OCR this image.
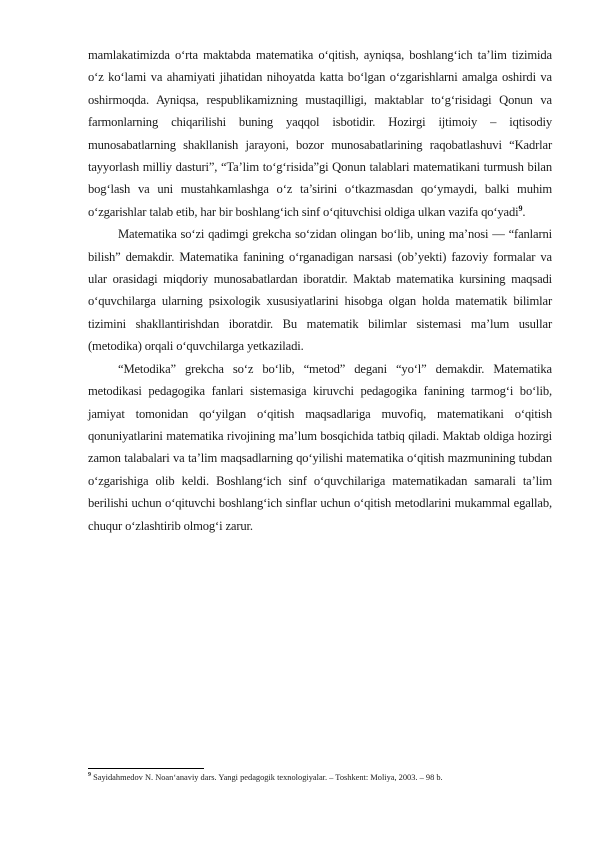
mamlakatimizda o‘rta maktabda matematika o‘qitish, ayniqsa, boshlang‘ich ta’lim tizimida o‘z ko‘lami va ahamiyati jihatidan nihoyatda katta bo‘lgan o‘zgarishlarni amalga oshirdi va oshirmoqda. Ayniqsa, respublikamizning mustaqilligi, maktablar to‘g‘risidagi Qonun va farmonlarning chiqarilishi buning yaqqol isbotidir. Hozirgi ijtimoiy – iqtisodiy munosabatlarning shakllanish jarayoni, bozor munosabatlarining raqobatlashuvi “Kadrlar tayyorlash milliy dasturi”, “Ta’lim to‘g‘risida”gi Qonun talablari matematikani turmush bilan bog‘lash va uni mustahkamlashga o‘z ta’sirini o‘tkazmasdan qo‘ymaydi, balki muhim o‘zgarishlar talab etib, har bir boshlang‘ich sinf o‘qituvchisi oldiga ulkan vazifa qo‘yadi$^9$.

Matematika so‘zi qadimgi grekcha so‘zidan olingan bo‘lib, uning ma’nosi — “fanlarni bilish” demakdir. Matematika fanining o‘rganadigan narsasi (ob’yekti) fazoviy formalar va ular orasidagi miqdoriy munosabatlardan iboratdir. Maktab matematika kursining maqsadi o‘quvchilarga ularning psixologik xususiyatlarini hisobga olgan holda matematik bilimlar tizimini shakllantirishdan iboratdir. Bu matematik bilimlar sistemasi ma’lum usullar (metodika) orqali o‘quvchilarga yetkaziladi.

“Metodika” grekcha so‘z bo‘lib, “metod” degani “yo‘l” demakdir. Matematika metodikasi pedagogika fanlari sistemasiga kiruvchi pedagogika fanining tarmog‘i bo‘lib, jamiyat tomonidan qo‘yilgan o‘qitish maqsadlariga muvofiq, matematikani o‘qitish qonuniyatlarini matematika rivojining ma’lum bosqichida tatbiq qiladi. Maktab oldiga hozirgi zamon talabalari va ta’lim maqsadlarning qo‘yilishi matematika o‘qitish mazmunining tubdan o‘zgarishiga olib keldi. Boshlang‘ich sinf o‘quvchilariga matematikadan samarali ta’lim berilishi uchun o‘qituvchi boshlang‘ich sinflar uchun o‘qitish metodlarini mukammal egallab, chuqur o‘zlashtirib olmog‘i zarur.

$^9$ Sayidahmedov N. Noan‘anaviy dars. Yangi pedagogik texnologiyalar. – Toshkent: Moliya, 2003. – 98 b.
